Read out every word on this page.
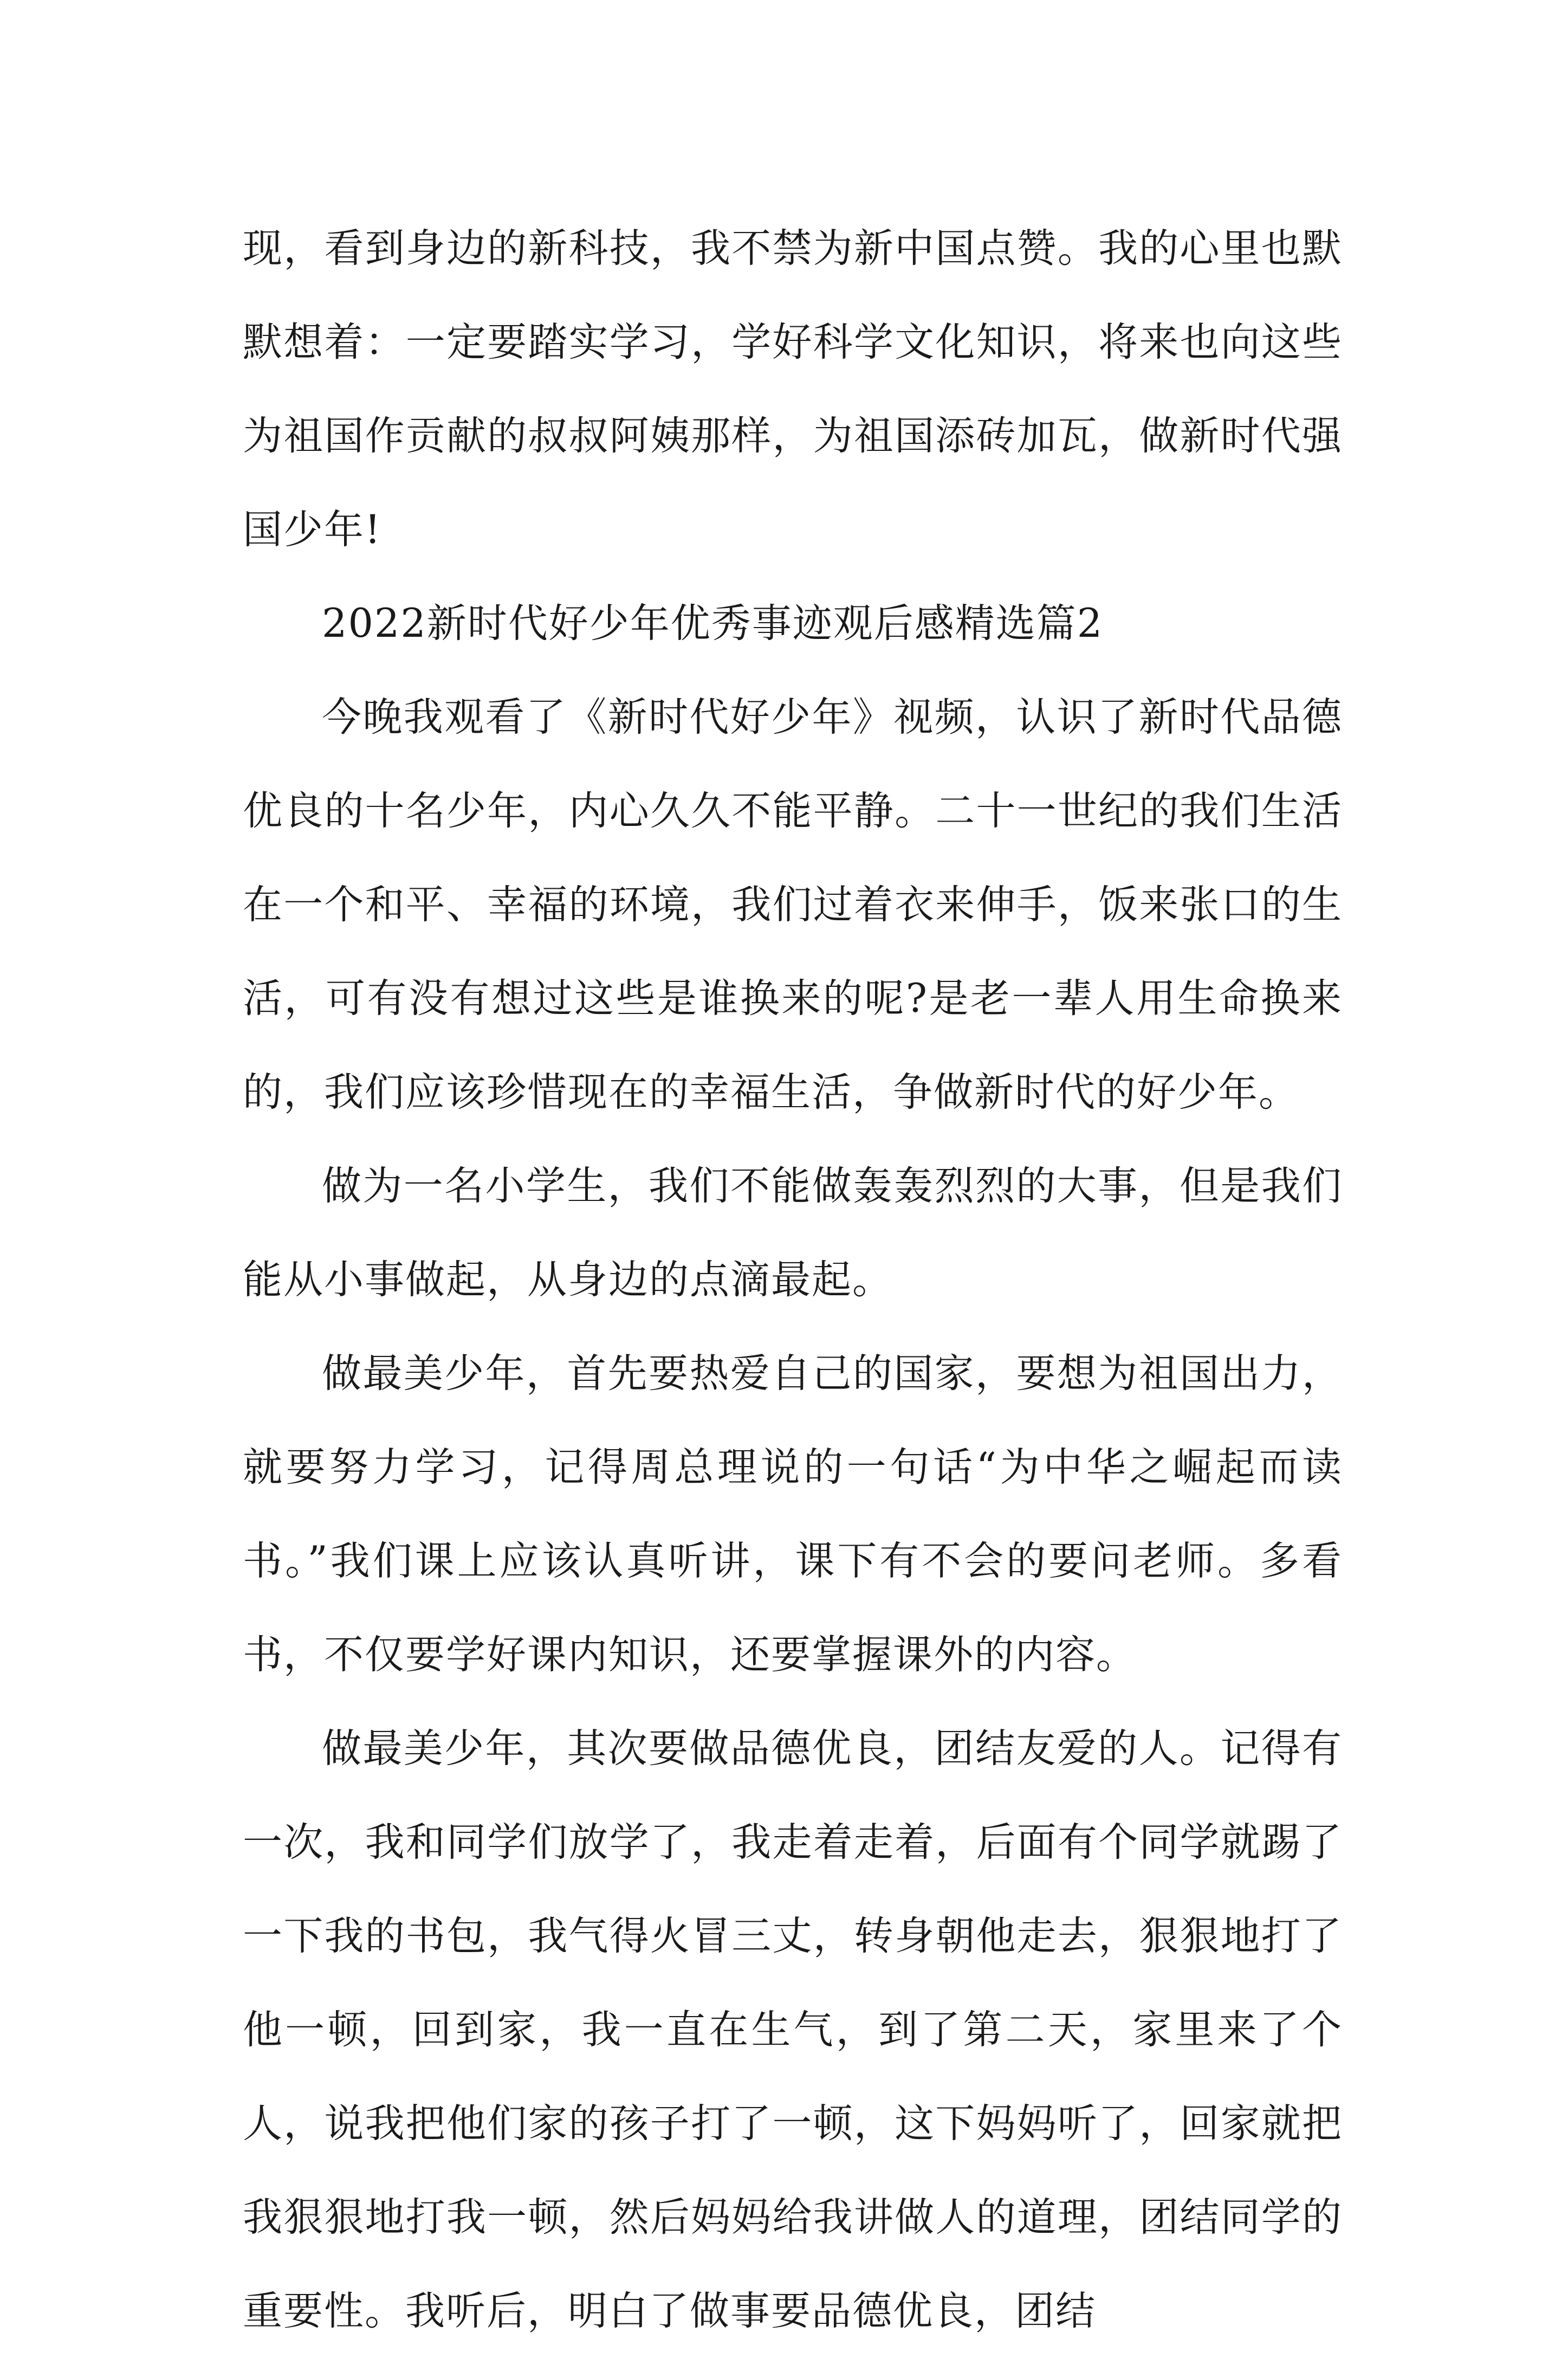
现，看到身边的新科技，我不禁为新中国点赞。我的心里也默默想着：一定要踏实学习，学好科学文化知识，将来也向这些为祖国作贡献的叔叔阿姨那样，为祖国添砖加瓦，做新时代强国少年!

2022新时代好少年优秀事迹观后感精选篇2

今晚我观看了《新时代好少年》视频，认识了新时代品德优良的十名少年，内心久久不能平静。二十一世纪的我们生活在一个和平、幸福的环境，我们过着衣来伸手，饭来张口的生活，可有没有想过这些是谁换来的呢?是老一辈人用生命换来的，我们应该珍惜现在的幸福生活，争做新时代的好少年。

做为一名小学生，我们不能做轰轰烈烈的大事，但是我们能从小事做起，从身边的点滴最起。

做最美少年，首先要热爱自己的国家，要想为祖国出力，就要努力学习，记得周总理说的一句话“为中华之崛起而读书。”我们课上应该认真听讲，课下有不会的要问老师。多看书，不仅要学好课内知识，还要掌握课外的内容。

做最美少年，其次要做品德优良，团结友爱的人。记得有一次，我和同学们放学了，我走着走着，后面有个同学就踢了一下我的书包，我气得火冒三丈，转身朝他走去，狠狠地打了他一顿，回到家，我一直在生气，到了第二天，家里来了个人，说我把他们家的孩子打了一顿，这下妈妈听了，回家就把我狠狠地打我一顿，然后妈妈给我讲做人的道理，团结同学的重要性。我听后，明白了做事要品德优良，团结
